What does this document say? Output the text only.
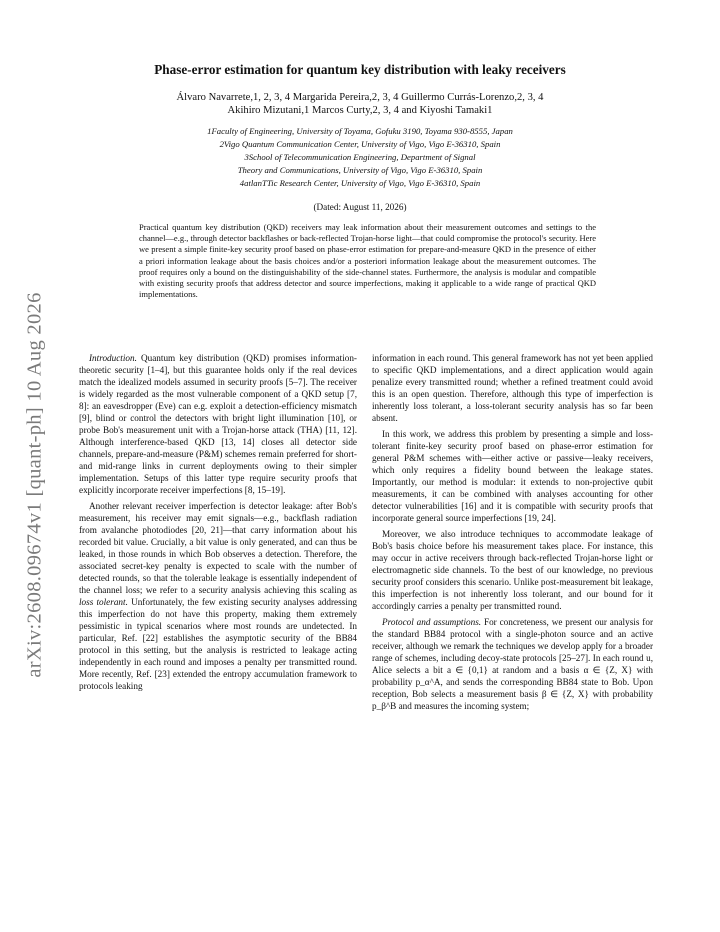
arXiv:2608.09674v1 [quant-ph] 10 Aug 2026
Phase-error estimation for quantum key distribution with leaky receivers
Álvaro Navarrete,1, 2, 3, 4 Margarida Pereira,2, 3, 4 Guillermo Currás-Lorenzo,2, 3, 4
Akihiro Mizutani,1 Marcos Curty,2, 3, 4 and Kiyoshi Tamaki1
1Faculty of Engineering, University of Toyama, Gofuku 3190, Toyama 930-8555, Japan
2Vigo Quantum Communication Center, University of Vigo, Vigo E-36310, Spain
3School of Telecommunication Engineering, Department of Signal
Theory and Communications, University of Vigo, Vigo E-36310, Spain
4atlanTTic Research Center, University of Vigo, Vigo E-36310, Spain
(Dated: August 11, 2026)
Practical quantum key distribution (QKD) receivers may leak information about their measurement outcomes and settings to the channel—e.g., through detector backflashes or back-reflected Trojan-horse light—that could compromise the protocol's security. Here we present a simple finite-key security proof based on phase-error estimation for prepare-and-measure QKD in the presence of either a priori information leakage about the basis choices and/or a posteriori information leakage about the measurement outcomes. The proof requires only a bound on the distinguishability of the side-channel states. Furthermore, the analysis is modular and compatible with existing security proofs that address detector and source imperfections, making it applicable to a wide range of practical QKD implementations.

Introduction. Quantum key distribution (QKD) promises information-theoretic security [1–4], but this guarantee holds only if the real devices match the idealized models assumed in security proofs [5–7]. The receiver is widely regarded as the most vulnerable component of a QKD setup [7, 8]: an eavesdropper (Eve) can e.g. exploit a detection-efficiency mismatch [9], blind or control the detectors with bright light illumination [10], or probe Bob's measurement unit with a Trojan-horse attack (THA) [11, 12]. Although interference-based QKD [13, 14] closes all detector side channels, prepare-and-measure (P&M) schemes remain preferred for short- and mid-range links in current deployments owing to their simpler implementation. Setups of this latter type require security proofs that explicitly incorporate receiver imperfections [8, 15–19].

Another relevant receiver imperfection is detector leakage: after Bob's measurement, his receiver may emit signals—e.g., backflash radiation from avalanche photodiodes [20, 21]—that carry information about his recorded bit value. Crucially, a bit value is only generated, and can thus be leaked, in those rounds in which Bob observes a detection. Therefore, the associated secret-key penalty is expected to scale with the number of detected rounds, so that the tolerable leakage is essentially independent of the channel loss; we refer to a security analysis achieving this scaling as loss tolerant. Unfortunately, the few existing security analyses addressing this imperfection do not have this property, making them extremely pessimistic in typical scenarios where most rounds are undetected. In particular, Ref. [22] establishes the asymptotic security of the BB84 protocol in this setting, but the analysis is restricted to leakage acting independently in each round and imposes a penalty per transmitted round. More recently, Ref. [23] extended the entropy accumulation framework to protocols leaking

information in each round. This general framework has not yet been applied to specific QKD implementations, and a direct application would again penalize every transmitted round; whether a refined treatment could avoid this is an open question. Therefore, although this type of imperfection is inherently loss tolerant, a loss-tolerant security analysis has so far been absent.

In this work, we address this problem by presenting a simple and loss-tolerant finite-key security proof based on phase-error estimation for general P&M schemes with—either active or passive—leaky receivers, which only requires a fidelity bound between the leakage states. Importantly, our method is modular: it extends to non-projective qubit measurements, it can be combined with analyses accounting for other detector vulnerabilities [16] and it is compatible with security proofs that incorporate general source imperfections [19, 24].

Moreover, we also introduce techniques to accommodate leakage of Bob's basis choice before his measurement takes place. For instance, this may occur in active receivers through back-reflected Trojan-horse light or electromagnetic side channels. To the best of our knowledge, no previous security proof considers this scenario. Unlike post-measurement bit leakage, this imperfection is not inherently loss tolerant, and our bound for it accordingly carries a penalty per transmitted round.

Protocol and assumptions. For concreteness, we present our analysis for the standard BB84 protocol with a single-photon source and an active receiver, although we remark the techniques we develop apply for a broader range of schemes, including decoy-state protocols [25–27]. In each round u, Alice selects a bit a ∈ {0,1} at random and a basis α ∈ {Z, X} with probability p_α^A, and sends the corresponding BB84 state to Bob. Upon reception, Bob selects a measurement basis β ∈ {Z, X} with probability p_β^B and measures the incoming system;
